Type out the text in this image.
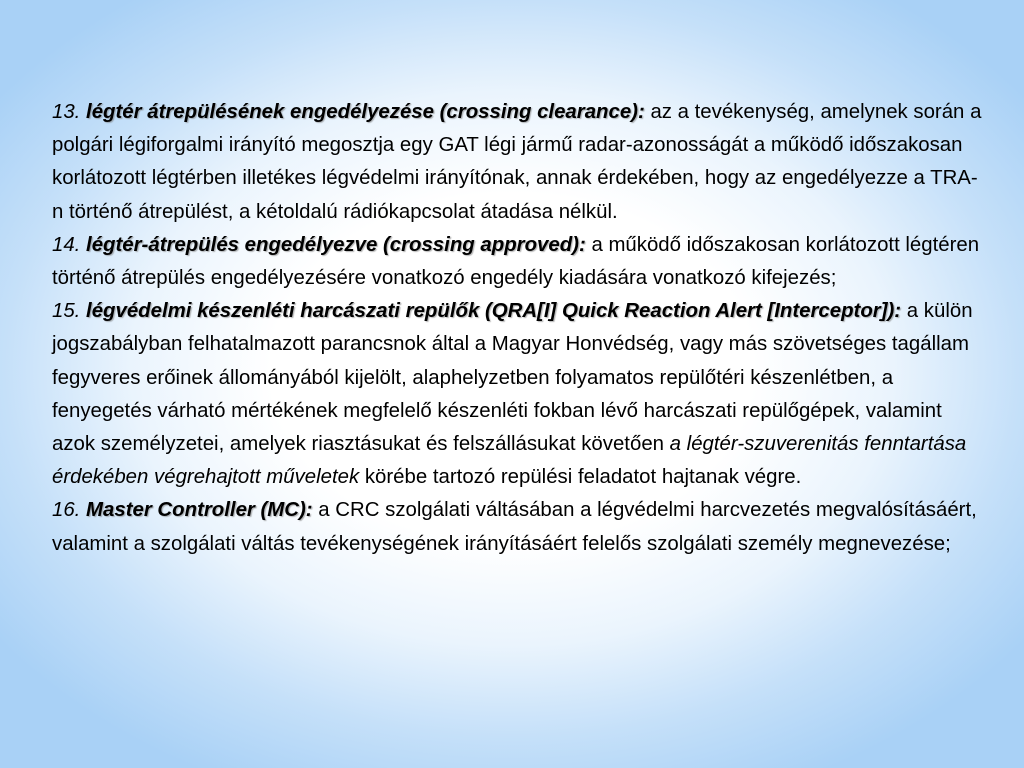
13. légtér átrepülésének engedélyezése (crossing clearance): az a tevékenység, amelynek során a polgári légiforgalmi irányító megosztja egy GAT légi jármű radar-azonosságát a működő időszakosan korlátozott légtérben illetékes légvédelmi irányítónak, annak érdekében, hogy az engedélyezze a TRA-n történő átrepülést, a kétoldalú rádiókapcsolat átadása nélkül.

14. légtér-átrepülés engedélyezve (crossing approved): a működő időszakosan korlátozott légtéren történő átrepülés engedélyezésére vonatkozó engedély kiadására vonatkozó kifejezés;

15. légvédelmi készenléti harcászati repülők (QRA[I] Quick Reaction Alert [Interceptor]): a külön jogszabályban felhatalmazott parancsnok által a Magyar Honvédség, vagy más szövetséges tagállam fegyveres erőinek állományából kijelölt, alaphelyzetben folyamatos repülőtéri készenlétben, a fenyegetés várható mértékének megfelelő készenléti fokban lévő harcászati repülőgépek, valamint azok személyzetei, amelyek riasztásukat és felszállásukat követően a légtér-szuverenitás fenntartása érdekében végrehajtott műveletek körébe tartozó repülési feladatot hajtanak végre.

16. Master Controller (MC): a CRC szolgálati váltásában a légvédelmi harcvezetés megvalósításáért, valamint a szolgálati váltás tevékenységének irányításáért felelős szolgálati személy megnevezése;
